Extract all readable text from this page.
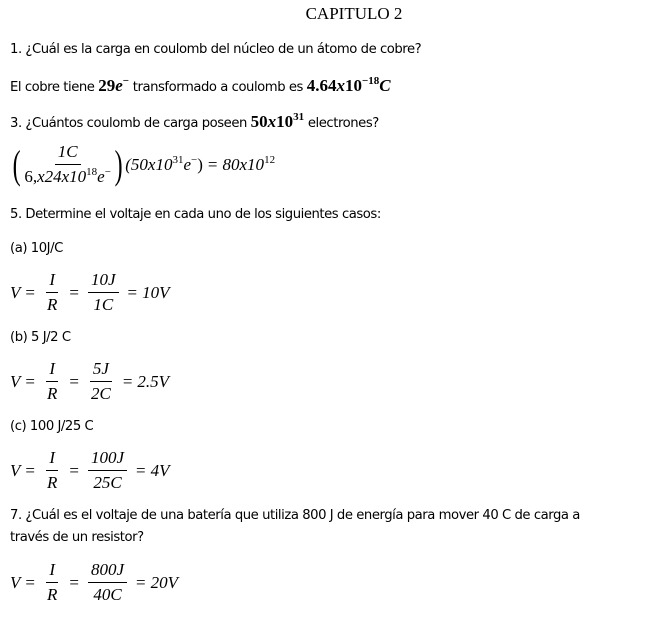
CAPITULO 2
1. ¿Cuál es la carga en coulomb del núcleo de un átomo de cobre?
El cobre tiene 29e− transformado a coulomb es $4.64x10^{-18}C$
3. ¿Cuántos coulomb de carga poseen $50x10^{31}$ electrones?
( $\frac{1C}{6,x24x10^{18}e^-}$ ) $(50x10^{31}e^-) = 80x10^{12}$
5. Determine el voltaje en cada uno de los siguientes casos:
(a) 10J/C
$V = \frac{I}{R} = \frac{10J}{1C} = 10V$
(b) 5 J/2 C
$V = \frac{I}{R} = \frac{5J}{2C} = 2.5V$
(c) 100 J/25 C
$V = \frac{I}{R} = \frac{100J}{25C} = 4V$
7. ¿Cuál es el voltaje de una batería que utiliza 800 J de energía para mover 40 C de carga a
través de un resistor?
$V = \frac{I}{R} = \frac{800J}{40C} = 20V$
